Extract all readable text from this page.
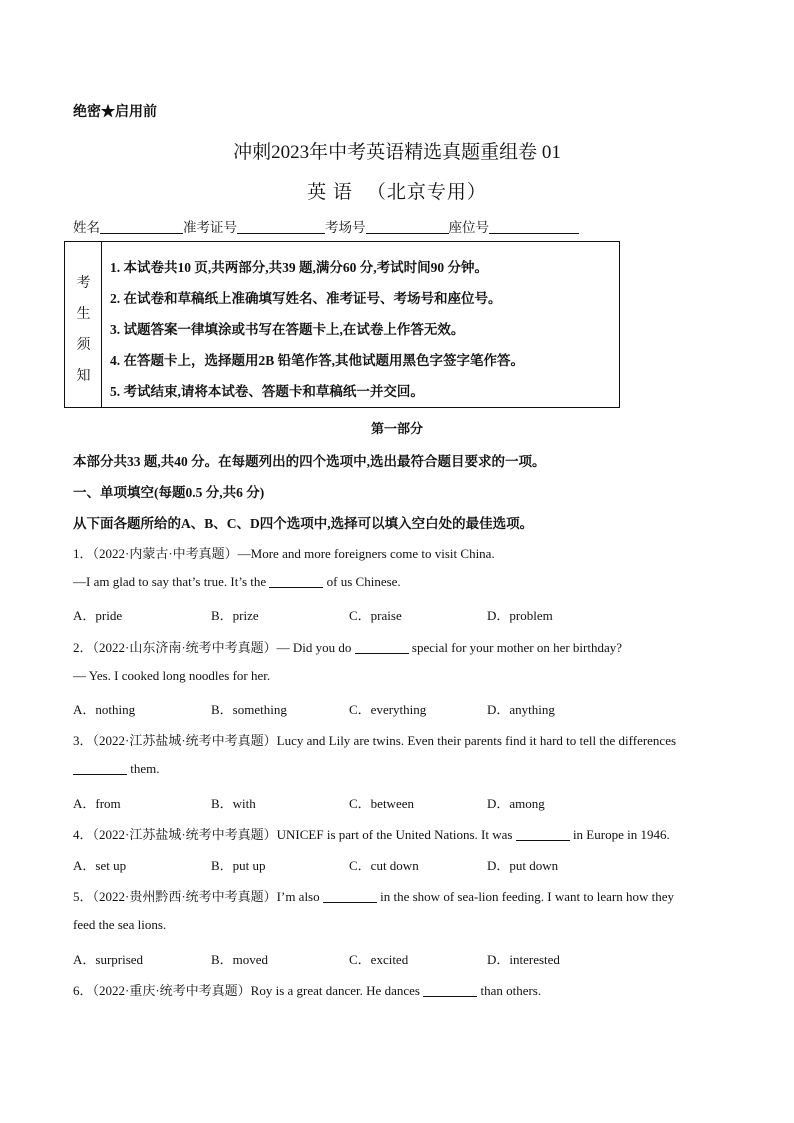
绝密★启用前
冲刺2023年中考英语精选真题重组卷 01
英 语 （北京专用）
姓名	准考证号	考场号	座位号
考
生
须
知
1. 本试卷共10 页,共两部分,共39 题,满分60 分,考试时间90 分钟。
2. 在试卷和草稿纸上准确填写姓名、准考证号、考场号和座位号。
3. 试题答案一律填涂或书写在答题卡上,在试卷上作答无效。
4. 在答题卡上，选择题用2B 铅笔作答,其他试题用黑色字签字笔作答。
5. 考试结束,请将本试卷、答题卡和草稿纸一并交回。
第一部分
本部分共33 题,共40 分。在每题列出的四个选项中,选出最符合题目要求的一项。
一、单项填空(每题0.5 分,共6 分)
从下面各题所给的A、B、C、D四个选项中,选择可以填入空白处的最佳选项。
1．（2022·内蒙古·中考真题）—More and more foreigners come to visit China.
—I am glad to say that’s true. It’s the	of us Chinese.
A．pride	B．prize	C．praise	D．problem
2．（2022·山东济南·统考中考真题）— Did you do	special for your mother on her birthday?
— Yes. I cooked long noodles for her.
A．nothing	B．something	C．everything	D．anything
3．（2022·江苏盐城·统考中考真题）Lucy and Lily are twins. Even their parents find it hard to tell the differences
them.
A．from	B．with	C．between	D．among
4．（2022·江苏盐城·统考中考真题）UNICEF is part of the United Nations. It was	in Europe in 1946.
A．set up	B．put up	C．cut down	D．put down
5．（2022·贵州黔西·统考中考真题）I’m also	in the show of sea-lion feeding. I want to learn how they
feed the sea lions.
A．surprised	B．moved	C．excited	D．interested
6．（2022·重庆·统考中考真题）Roy is a great dancer. He dances	than others.
